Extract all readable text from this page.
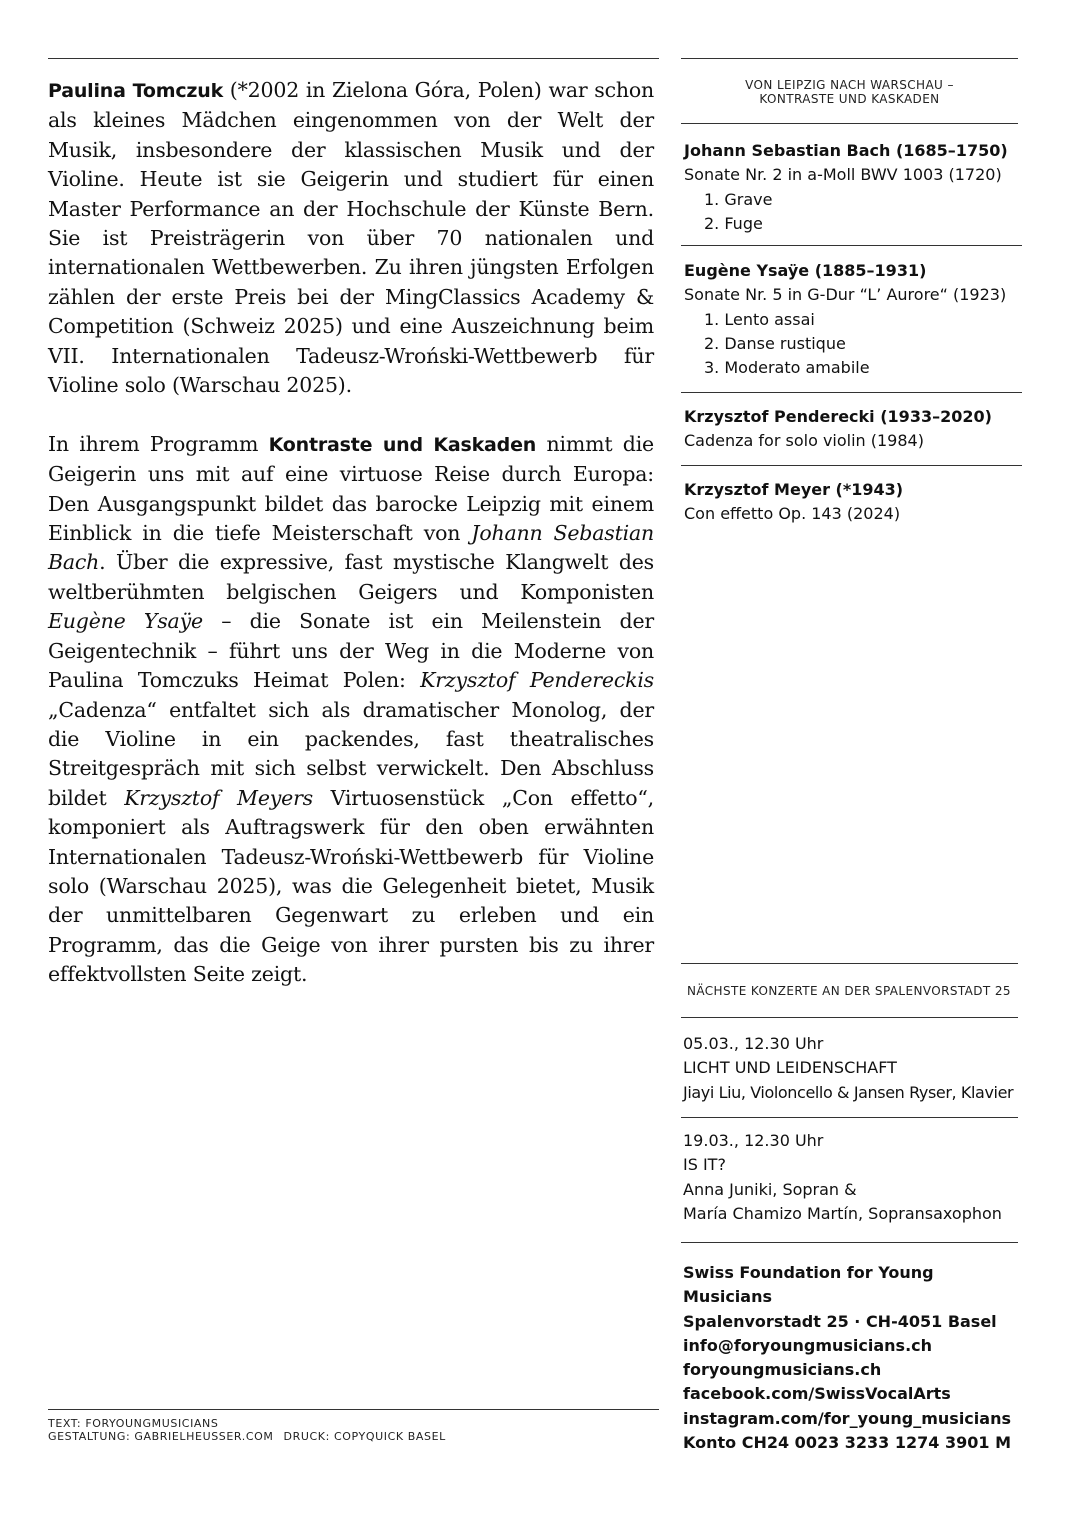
Paulina Tomczuk (*2002 in Zielona Góra, Polen) war schon als kleines Mädchen eingenommen von der Welt der Musik, insbesondere der klassischen Musik und der Violine. Heute ist sie Geigerin und studiert für einen Master Performance an der Hochschule der Künste Bern. Sie ist Preisträgerin von über 70 nationalen und internationalen Wettbewerben. Zu ihren jüngsten Erfolgen zählen der erste Preis bei der MingClassics Academy & Competition (Schweiz 2025) und eine Auszeichnung beim VII. Internationalen Tadeusz-Wroński-Wettbewerb für Violine solo (Warschau 2025).

In ihrem Programm Kontraste und Kaskaden nimmt die Geigerin uns mit auf eine virtuose Reise durch Europa: Den Ausgangspunkt bildet das barocke Leipzig mit einem Einblick in die tiefe Meisterschaft von Johann Sebastian Bach. Über die expressive, fast mystische Klangwelt des weltberühmten belgischen Geigers und Komponisten Eugène Ysaÿe – die Sonate ist ein Meilenstein der Geigentechnik – führt uns der Weg in die Moderne von Paulina Tomczuks Heimat Polen: Krzysztof Pendereckis „Cadenza“ entfaltet sich als dramatischer Monolog, der die Violine in ein packendes, fast theatralisches Streitgespräch mit sich selbst verwickelt. Den Abschluss bildet Krzysztof Meyers Virtuosenstück „Con effetto“, komponiert als Auftragswerk für den oben erwähnten Internationalen Tadeusz-Wroński-Wettbewerb für Violine solo (Warschau 2025), was die Gelegenheit bietet, Musik der unmittelbaren Gegenwart zu erleben und ein Programm, das die Geige von ihrer pursten bis zu ihrer effektvollsten Seite zeigt.

TEXT: FORYOUNGMUSICIANS
GESTALTUNG: GABRIELHEUSSER.COM DRUCK: COPYQUICK BASEL
VON LEIPZIG NACH WARSCHAU –
KONTRASTE UND KASKADEN
Johann Sebastian Bach (1685–1750)
Sonate Nr. 2 in a-Moll BWV 1003 (1720)
1. Grave
2. Fuge
Eugène Ysaÿe (1885–1931)
Sonate Nr. 5 in G-Dur “L’ Aurore“ (1923)
1. Lento assai
2. Danse rustique
3. Moderato amabile
Krzysztof Penderecki (1933–2020)
Cadenza for solo violin (1984)
Krzysztof Meyer (*1943)
Con effetto Op. 143 (2024)
NÄCHSTE KONZERTE AN DER SPALENVORSTADT 25
05.03., 12.30 Uhr
LICHT UND LEIDENSCHAFT
Jiayi Liu, Violoncello & Jansen Ryser, Klavier
19.03., 12.30 Uhr
IS IT?
Anna Juniki, Sopran &
María Chamizo Martín, Sopransaxophon
Swiss Foundation for Young Musicians
Spalenvorstadt 25 · CH-4051 Basel
info@foryoungmusicians.ch
foryoungmusicians.ch
facebook.com/SwissVocalArts
instagram.com/for_young_musicians
Konto CH24 0023 3233 1274 3901 M
